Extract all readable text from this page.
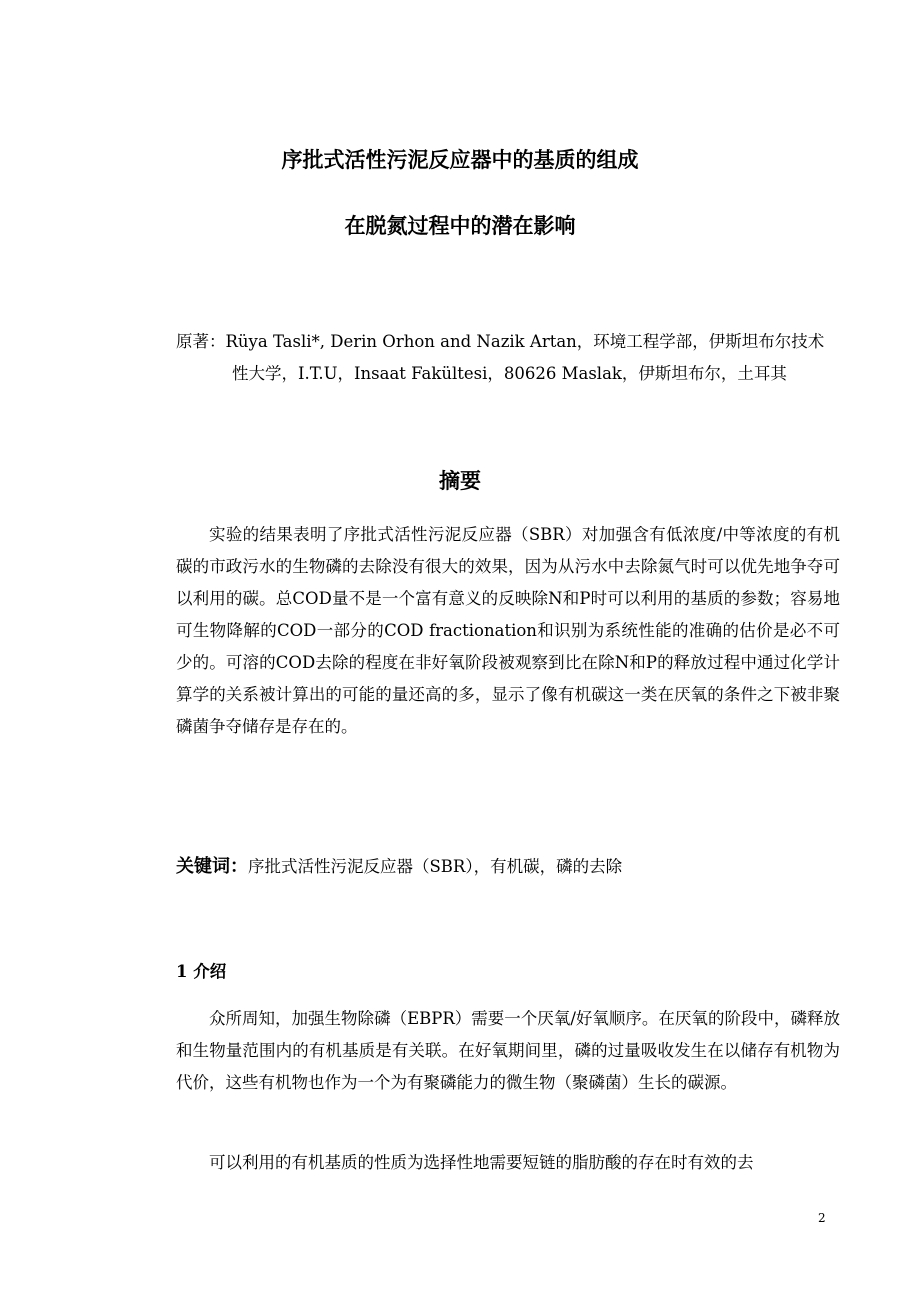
序批式活性污泥反应器中的基质的组成
在脱氮过程中的潜在影响
原著：Rüya Tasli*, Derin Orhon and Nazik Artan，环境工程学部，伊斯坦布尔技术
性大学，I.T.U，Insaat Fakültesi，80626 Maslak，伊斯坦布尔，土耳其
摘要
实验的结果表明了序批式活性污泥反应器（SBR）对加强含有低浓度/中等浓度的有机碳的市政污水的生物磷的去除没有很大的效果，因为从污水中去除氮气时可以优先地争夺可以利用的碳。总COD量不是一个富有意义的反映除N和P时可以利用的基质的参数；容易地可生物降解的COD一部分的COD fractionation和识别为系统性能的准确的估价是必不可少的。可溶的COD去除的程度在非好氧阶段被观察到比在除N和P的释放过程中通过化学计算学的关系被计算出的可能的量还高的多，显示了像有机碳这一类在厌氧的条件之下被非聚磷菌争夺储存是存在的。
关键词：序批式活性污泥反应器（SBR），有机碳，磷的去除
1 介绍
众所周知，加强生物除磷（EBPR）需要一个厌氧/好氧顺序。在厌氧的阶段中，磷释放和生物量范围内的有机基质是有关联。在好氧期间里，磷的过量吸收发生在以储存有机物为代价，这些有机物也作为一个为有聚磷能力的微生物（聚磷菌）生长的碳源。
可以利用的有机基质的性质为选择性地需要短链的脂肪酸的存在时有效的去
2
